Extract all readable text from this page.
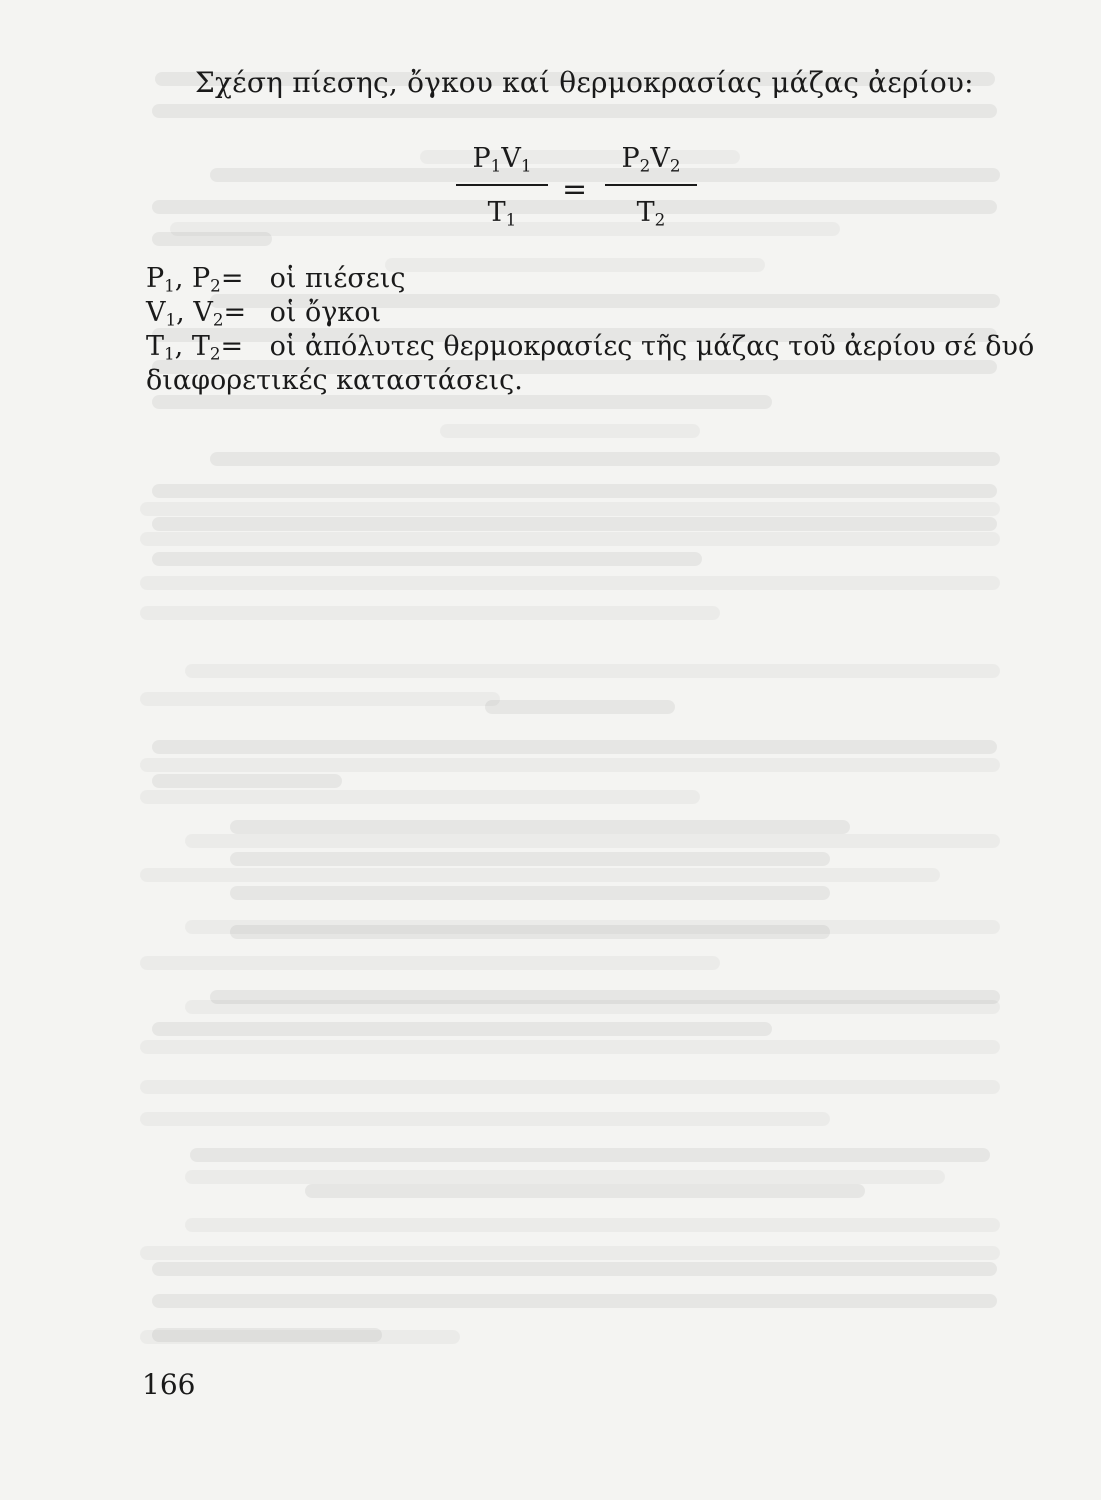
Σχέση πίεσης, ὄγκου καί θερμοκρασίας μάζας ἀερίου:
$P_1V_1$
$T_1$
=
$P_2V_2$
$T_2$
$P_1$, $P_2=$ οἱ πιέσεις
$V_1$, $V_2=$ οἱ ὄγκοι
$T_1$, $T_2=$ οἱ ἀπόλυτες θερμοκρασίες τῆς μάζας τοῦ ἀερίου σέ δυό
διαφορετικές καταστάσεις.
166
